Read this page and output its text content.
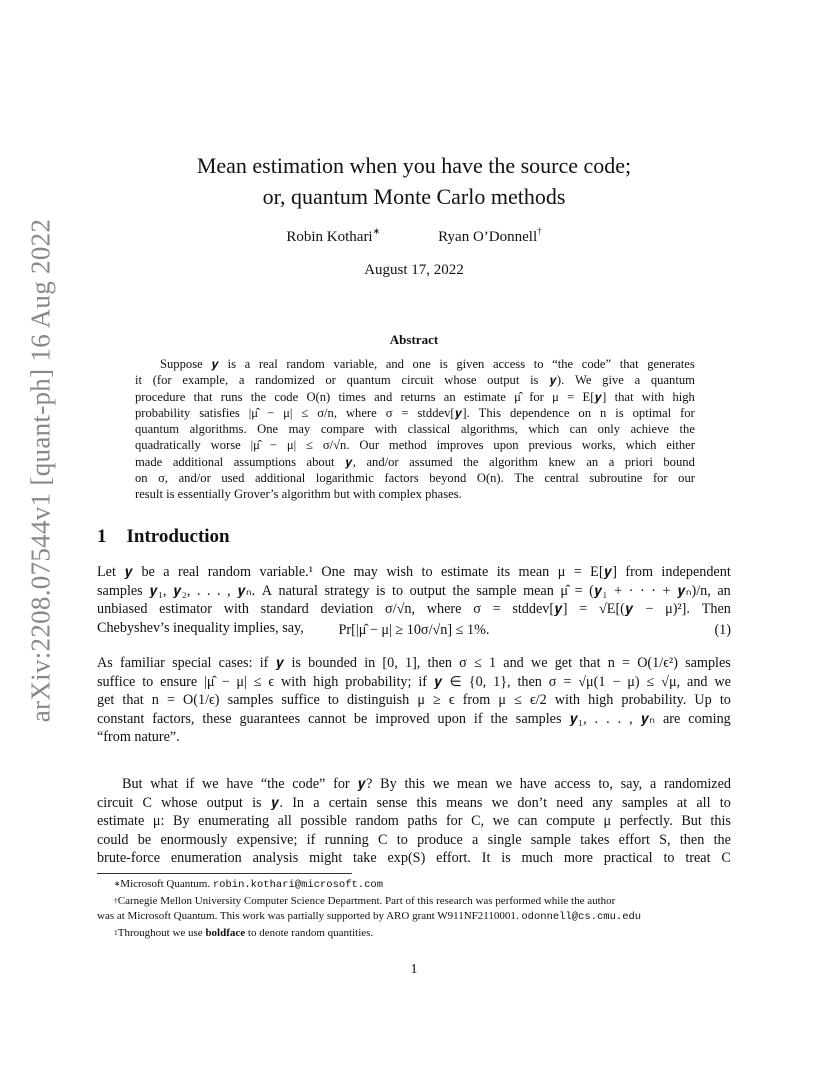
arXiv:2208.07544v1 [quant-ph] 16 Aug 2022
Mean estimation when you have the source code;
or, quantum Monte Carlo methods
Robin Kothari∗	Ryan O’Donnell†
August 17, 2022
Abstract
Suppose 𝒚 is a real random variable, and one is given access to “the code” that generates
it (for example, a randomized or quantum circuit whose output is 𝒚). We give a quantum
procedure that runs the code O(n) times and returns an estimate μ̂ for μ = E[𝒚] that with high
probability satisfies |μ̂ − μ| ≤ σ/n, where σ = stddev[𝒚]. This dependence on n is optimal for
quantum algorithms. One may compare with classical algorithms, which can only achieve the
quadratically worse |μ̂ − μ| ≤ σ/√n. Our method improves upon previous works, which either
made additional assumptions about 𝒚, and/or assumed the algorithm knew an a priori bound
on σ, and/or used additional logarithmic factors beyond O(n). The central subroutine for our
result is essentially Grover’s algorithm but with complex phases.
1 Introduction
Let 𝒚 be a real random variable.¹ One may wish to estimate its mean μ = E[𝒚] from independent
samples 𝒚₁, 𝒚₂, . . . , 𝒚ₙ. A natural strategy is to output the sample mean μ̂ = (𝒚₁ + · · · + 𝒚ₙ)/n, an
unbiased estimator with standard deviation σ/√n, where σ = stddev[𝒚] = √E[(𝒚 − μ)²]. Then
Chebyshev’s inequality implies, say,	Pr[|μ̂ − μ| ≥ 10σ/√n] ≤ 1%.	(1)
As familiar special cases: if 𝒚 is bounded in [0, 1], then σ ≤ 1 and we get that n = O(1/ϵ²) samples
suffice to ensure |μ̂ − μ| ≤ ϵ with high probability; if 𝒚 ∈ {0, 1}, then σ = √μ(1 − μ) ≤ √μ, and we
get that n = O(1/ϵ) samples suffice to distinguish μ ≥ ϵ from μ ≤ ϵ/2 with high probability. Up to
constant factors, these guarantees cannot be improved upon if the samples 𝒚₁, . . . , 𝒚ₙ are coming
“from nature”.
But what if we have “the code” for 𝒚? By this we mean we have access to, say, a randomized
circuit C whose output is 𝒚. In a certain sense this means we don’t need any samples at all to
estimate μ: By enumerating all possible random paths for C, we can compute μ perfectly. But this
could be enormously expensive; if running C to produce a single sample takes effort S, then the
brute-force enumeration analysis might take exp(S) effort. It is much more practical to treat C
∗Microsoft Quantum. robin.kothari@microsoft.com
†Carnegie Mellon University Computer Science Department. Part of this research was performed while the author
was at Microsoft Quantum. This work was partially supported by ARO grant W911NF2110001. odonnell@cs.cmu.edu
$^1$Throughout we use boldface to denote random quantities.
1
